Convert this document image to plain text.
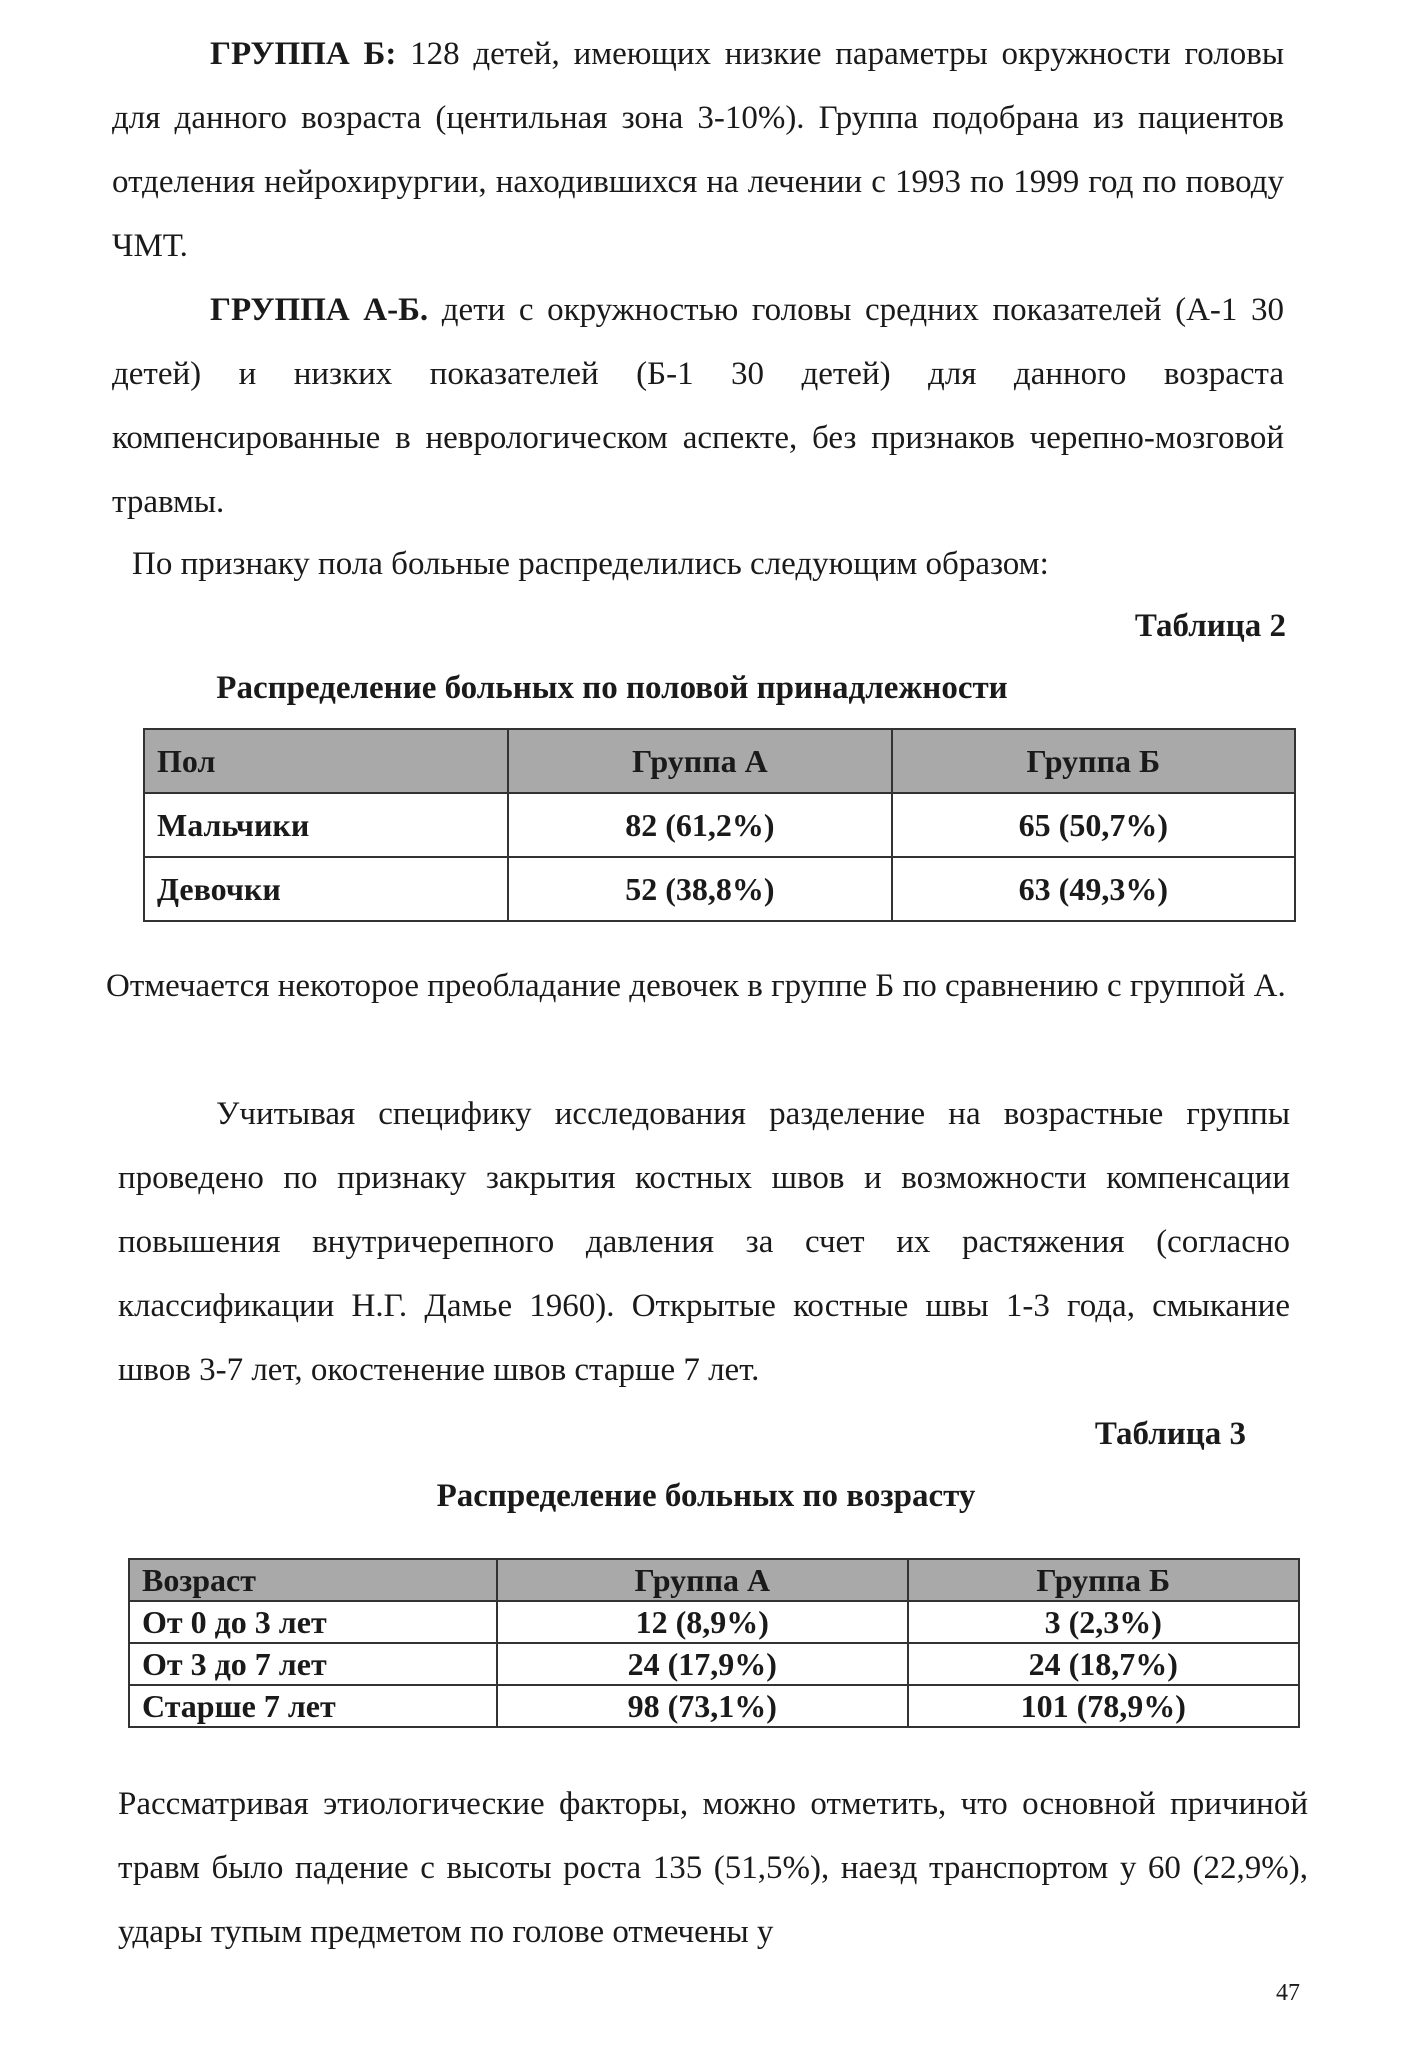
ГРУППА Б: 128 детей, имеющих низкие параметры окружности головы для данного возраста (центильная зона 3-10%). Группа подобрана из пациентов отделения нейрохирургии, находившихся на лечении с 1993 по 1999 год по поводу ЧМТ.

ГРУППА А-Б. дети с окружностью головы средних показателей (А-1 30 детей) и низких показателей (Б-1 30 детей) для данного возраста компенсированные в неврологическом аспекте, без признаков черепно-мозговой травмы.

По признаку пола больные распределились следующим образом:

Таблица 2

Распределение больных по половой принадлежности

Пол	Группа А	Группа Б
Мальчики	82 (61,2%)	65 (50,7%)
Девочки	52 (38,8%)	63 (49,3%)

Отмечается некоторое преобладание девочек в группе Б по сравнению с группой А.

Учитывая специфику исследования разделение на возрастные группы проведено по признаку закрытия костных швов и возможности компенсации повышения внутричерепного давления за счет их растяжения (согласно классификации Н.Г. Дамье 1960). Открытые костные швы 1-3 года, смыкание швов 3-7 лет, окостенение швов старше 7 лет.

Таблица 3

Распределение больных по возрасту

Возраст	Группа А	Группа Б
От 0 до 3 лет	12 (8,9%)	3 (2,3%)
От 3 до 7 лет	24 (17,9%)	24 (18,7%)
Старше 7 лет	98 (73,1%)	101 (78,9%)

Рассматривая этиологические факторы, можно отметить, что основной причиной травм было падение с высоты роста 135 (51,5%), наезд транспортом у 60 (22,9%), удары тупым предметом по голове отмечены у

47
